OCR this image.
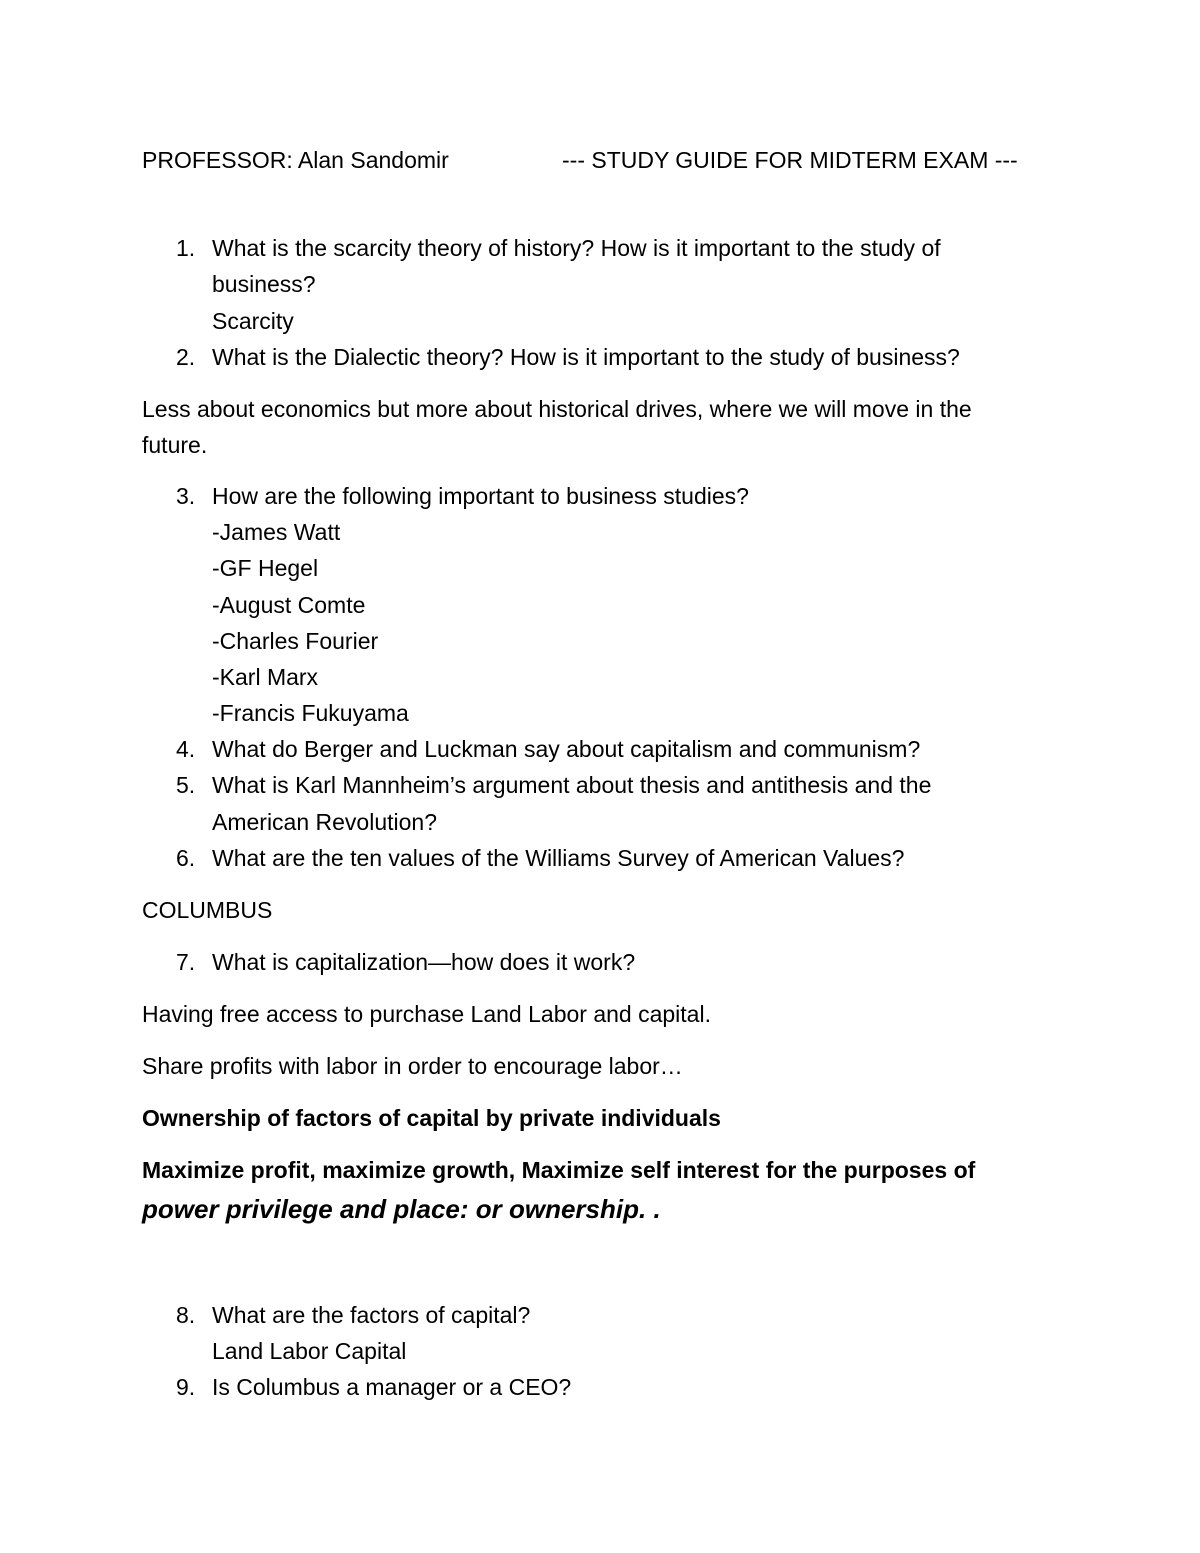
PROFESSOR: Alan Sandomir	--- STUDY GUIDE FOR MIDTERM EXAM ---
1. What is the scarcity theory of history? How is it important to the study of
business?
Scarcity
2. What is the Dialectic theory? How is it important to the study of business?
Less about economics but more about historical drives, where we will move in the
future.
3. How are the following important to business studies?
-James Watt
-GF Hegel
-August Comte
-Charles Fourier
-Karl Marx
-Francis Fukuyama
4. What do Berger and Luckman say about capitalism and communism?
5. What is Karl Mannheim’s argument about thesis and antithesis and the
American Revolution?
6. What are the ten values of the Williams Survey of American Values?
COLUMBUS
7. What is capitalization—how does it work?
Having free access to purchase Land Labor and capital.
Share profits with labor in order to encourage labor…
Ownership of factors of capital by private individuals
Maximize profit, maximize growth, Maximize self interest for the purposes of
power privilege and place: or ownership. .
8. What are the factors of capital?
Land Labor Capital
9. Is Columbus a manager or a CEO?
